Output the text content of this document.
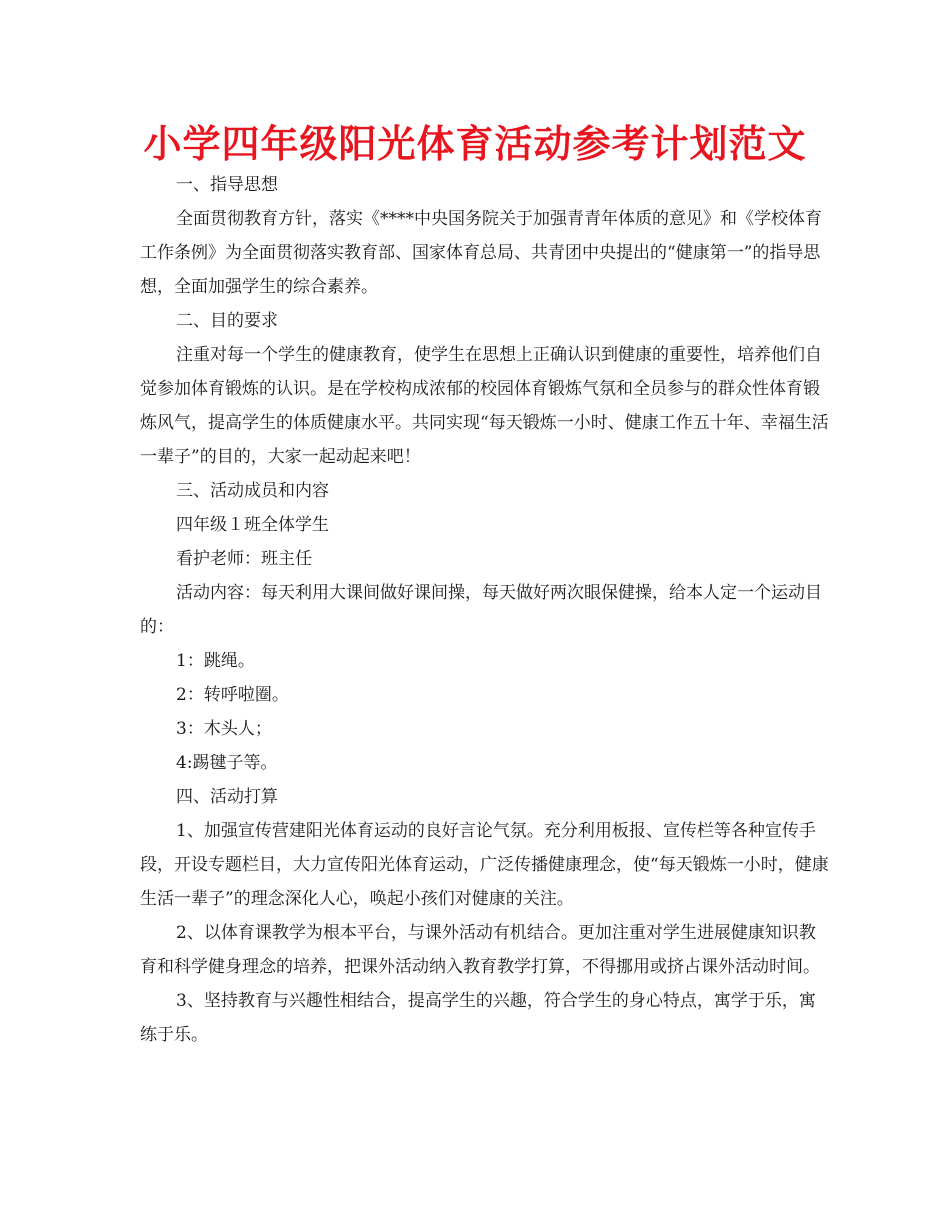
小学四年级阳光体育活动参考计划范文

一、指导思想

全面贯彻教育方针，落实《****中央国务院关于加强青青年体质的意见》和《学校体育工作条例》为全面贯彻落实教育部、国家体育总局、共青团中央提出的“健康第一”的指导思想，全面加强学生的综合素养。

二、目的要求

注重对每一个学生的健康教育，使学生在思想上正确认识到健康的重要性，培养他们自觉参加体育锻炼的认识。是在学校构成浓郁的校园体育锻炼气氛和全员参与的群众性体育锻炼风气，提高学生的体质健康水平。共同实现“每天锻炼一小时、健康工作五十年、幸福生活一辈子”的目的，大家一起动起来吧！

三、活动成员和内容

四年级１班全体学生

看护老师：班主任

活动内容：每天利用大课间做好课间操，每天做好两次眼保健操，给本人定一个运动目的：

1：跳绳。

2：转呼啦圈。

3：木头人；

4:踢毽子等。

四、活动打算

1、加强宣传营建阳光体育运动的良好言论气氛。充分利用板报、宣传栏等各种宣传手段，开设专题栏目，大力宣传阳光体育运动，广泛传播健康理念，使“每天锻炼一小时，健康生活一辈子”的理念深化人心，唤起小孩们对健康的关注。

2、以体育课教学为根本平台，与课外活动有机结合。更加注重对学生进展健康知识教育和科学健身理念的培养，把课外活动纳入教育教学打算，不得挪用或挤占课外活动时间。

3、坚持教育与兴趣性相结合，提高学生的兴趣，符合学生的身心特点，寓学于乐，寓练于乐。
